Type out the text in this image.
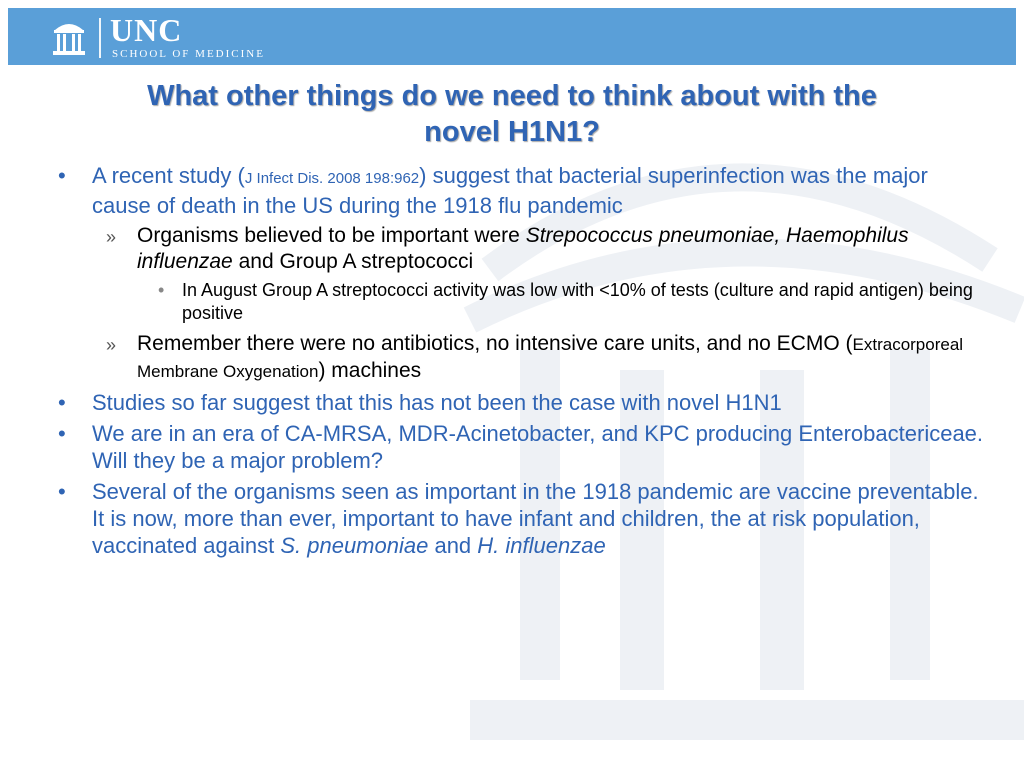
UNC
SCHOOL OF MEDICINE
What other things do we need to think about with the
novel H1N1?
• A recent study (J Infect Dis. 2008 198:962) suggest that bacterial superinfection was the major cause of death in the US during the 1918 flu pandemic
» Organisms believed to be important were Strepococcus pneumoniae, Haemophilus influenzae and Group A streptococci
• In August Group A streptococci activity was low with <10% of tests (culture and rapid antigen) being positive
» Remember there were no antibiotics, no intensive care units, and no ECMO (Extracorporeal Membrane Oxygenation) machines
• Studies so far suggest that this has not been the case with novel H1N1
• We are in an era of CA-MRSA, MDR-Acinetobacter, and KPC producing Enterobactericeae. Will they be a major problem?
• Several of the organisms seen as important in the 1918 pandemic are vaccine preventable. It is now, more than ever, important to have infant and children, the at risk population, vaccinated against S. pneumoniae and H. influenzae
